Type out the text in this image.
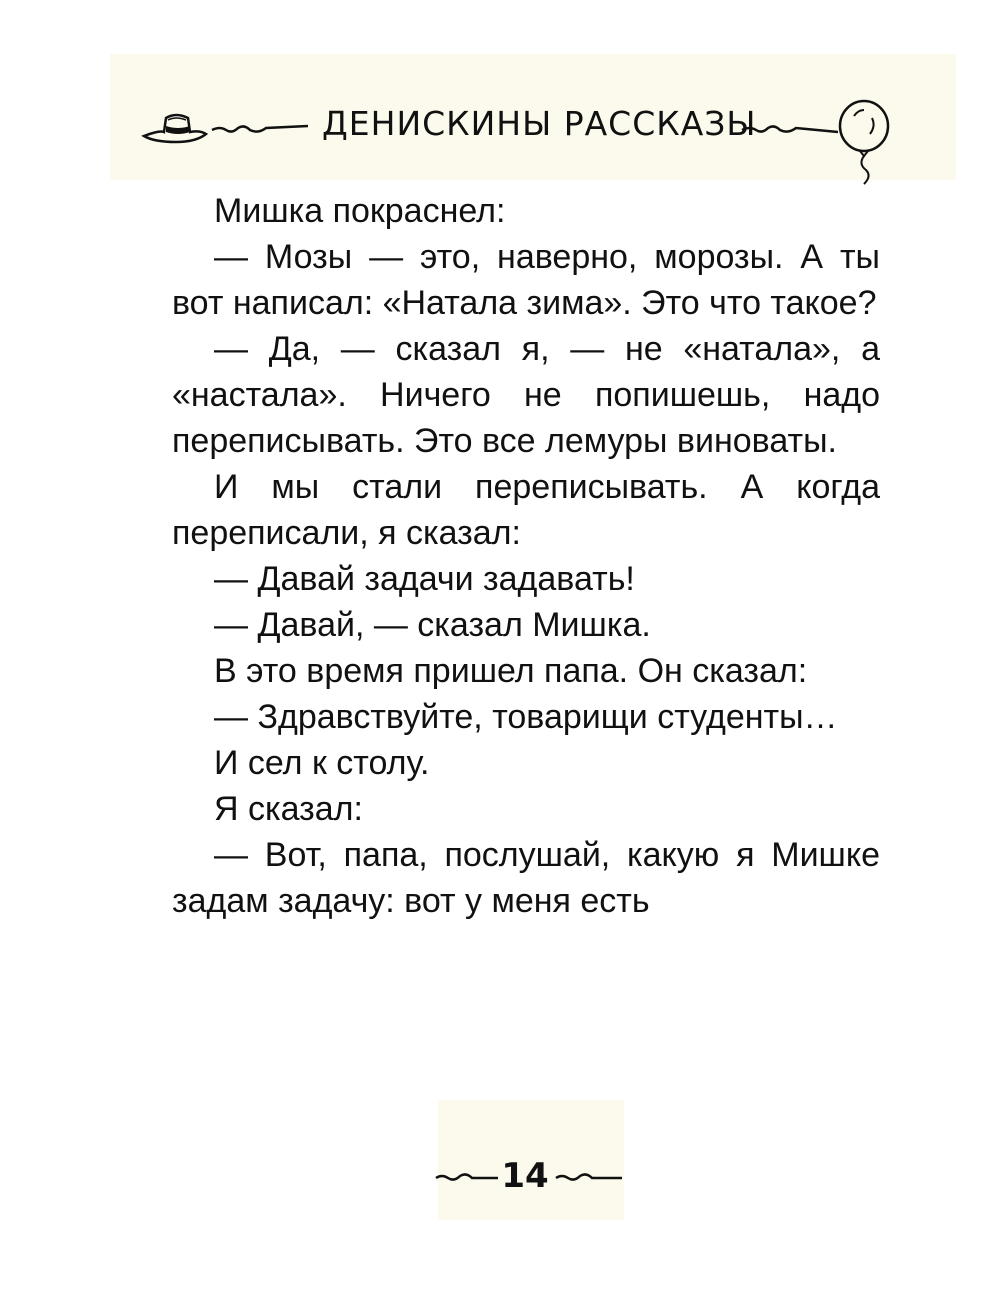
ДЕНИСКИНЫ РАССКАЗЫ

Мишка покраснел:

— Мозы — это, наверно, морозы. А ты вот написал: «Натала зима». Это что такое?

— Да, — сказал я, — не «натала», а «настала». Ничего не попишешь, надо переписывать. Это все лемуры виноваты.

И мы стали переписывать. А когда переписали, я сказал:

— Давай задачи задавать!

— Давай, — сказал Мишка.

В это время пришел папа. Он сказал:

— Здравствуйте, товарищи студенты…

И сел к столу.

Я сказал:

— Вот, папа, послушай, какую я Мишке задам задачу: вот у меня есть

14
